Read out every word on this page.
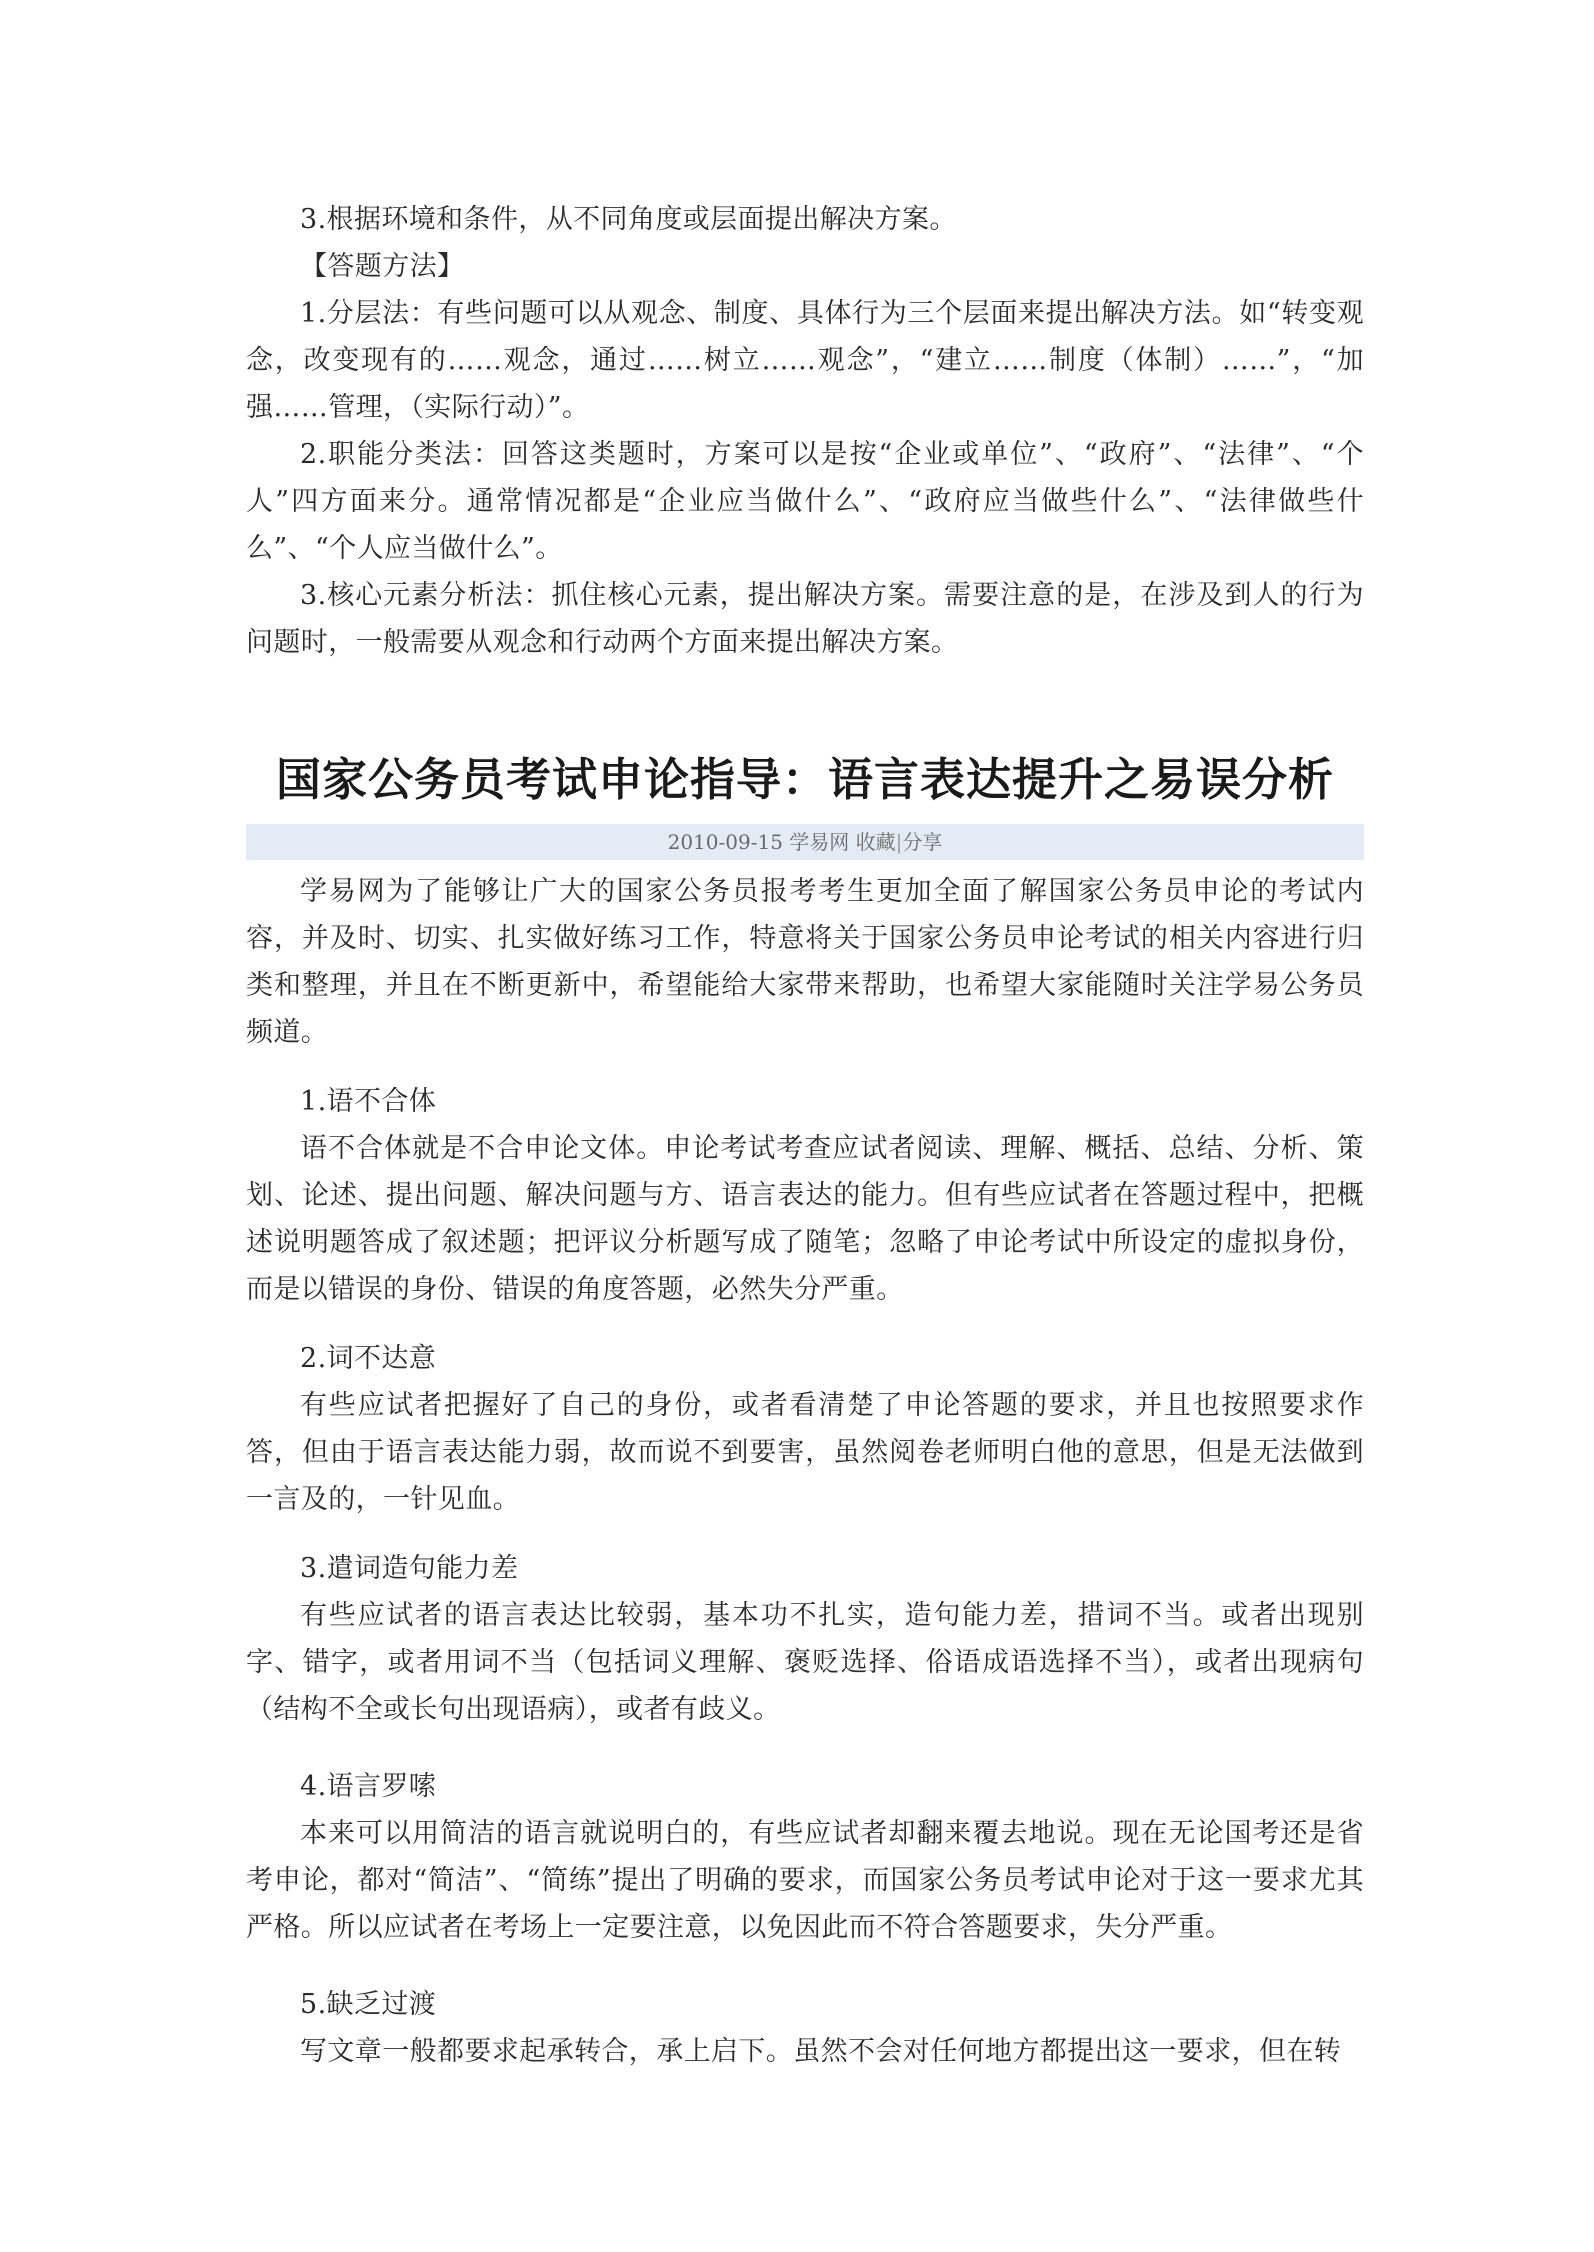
3.根据环境和条件，从不同角度或层面提出解决方案。

【答题方法】

1.分层法：有些问题可以从观念、制度、具体行为三个层面来提出解决方法。如“转变观念，改变现有的……观念，通过……树立……观念”，“建立……制度（体制）……”，“加强……管理，（实际行动）”。

2.职能分类法：回答这类题时，方案可以是按“企业或单位”、“政府”、“法律”、“个人”四方面来分。通常情况都是“企业应当做什么”、“政府应当做些什么”、“法律做些什么”、“个人应当做什么”。

3.核心元素分析法：抓住核心元素，提出解决方案。需要注意的是，在涉及到人的行为问题时，一般需要从观念和行动两个方面来提出解决方案。

国家公务员考试申论指导：语言表达提升之易误分析
2010-09-15 学易网 收藏|分享

学易网为了能够让广大的国家公务员报考考生更加全面了解国家公务员申论的考试内容，并及时、切实、扎实做好练习工作，特意将关于国家公务员申论考试的相关内容进行归类和整理，并且在不断更新中，希望能给大家带来帮助，也希望大家能随时关注学易公务员频道。

1.语不合体

语不合体就是不合申论文体。申论考试考查应试者阅读、理解、概括、总结、分析、策划、论述、提出问题、解决问题与方、语言表达的能力。但有些应试者在答题过程中，把概述说明题答成了叙述题；把评议分析题写成了随笔；忽略了申论考试中所设定的虚拟身份，而是以错误的身份、错误的角度答题，必然失分严重。

2.词不达意

有些应试者把握好了自己的身份，或者看清楚了申论答题的要求，并且也按照要求作答，但由于语言表达能力弱，故而说不到要害，虽然阅卷老师明白他的意思，但是无法做到一言及的，一针见血。

3.遣词造句能力差

有些应试者的语言表达比较弱，基本功不扎实，造句能力差，措词不当。或者出现别字、错字，或者用词不当（包括词义理解、褒贬选择、俗语成语选择不当），或者出现病句（结构不全或长句出现语病），或者有歧义。

4.语言罗嗦

本来可以用简洁的语言就说明白的，有些应试者却翻来覆去地说。现在无论国考还是省考申论，都对“简洁”、“简练”提出了明确的要求，而国家公务员考试申论对于这一要求尤其严格。所以应试者在考场上一定要注意，以免因此而不符合答题要求，失分严重。

5.缺乏过渡

写文章一般都要求起承转合，承上启下。虽然不会对任何地方都提出这一要求，但在转
